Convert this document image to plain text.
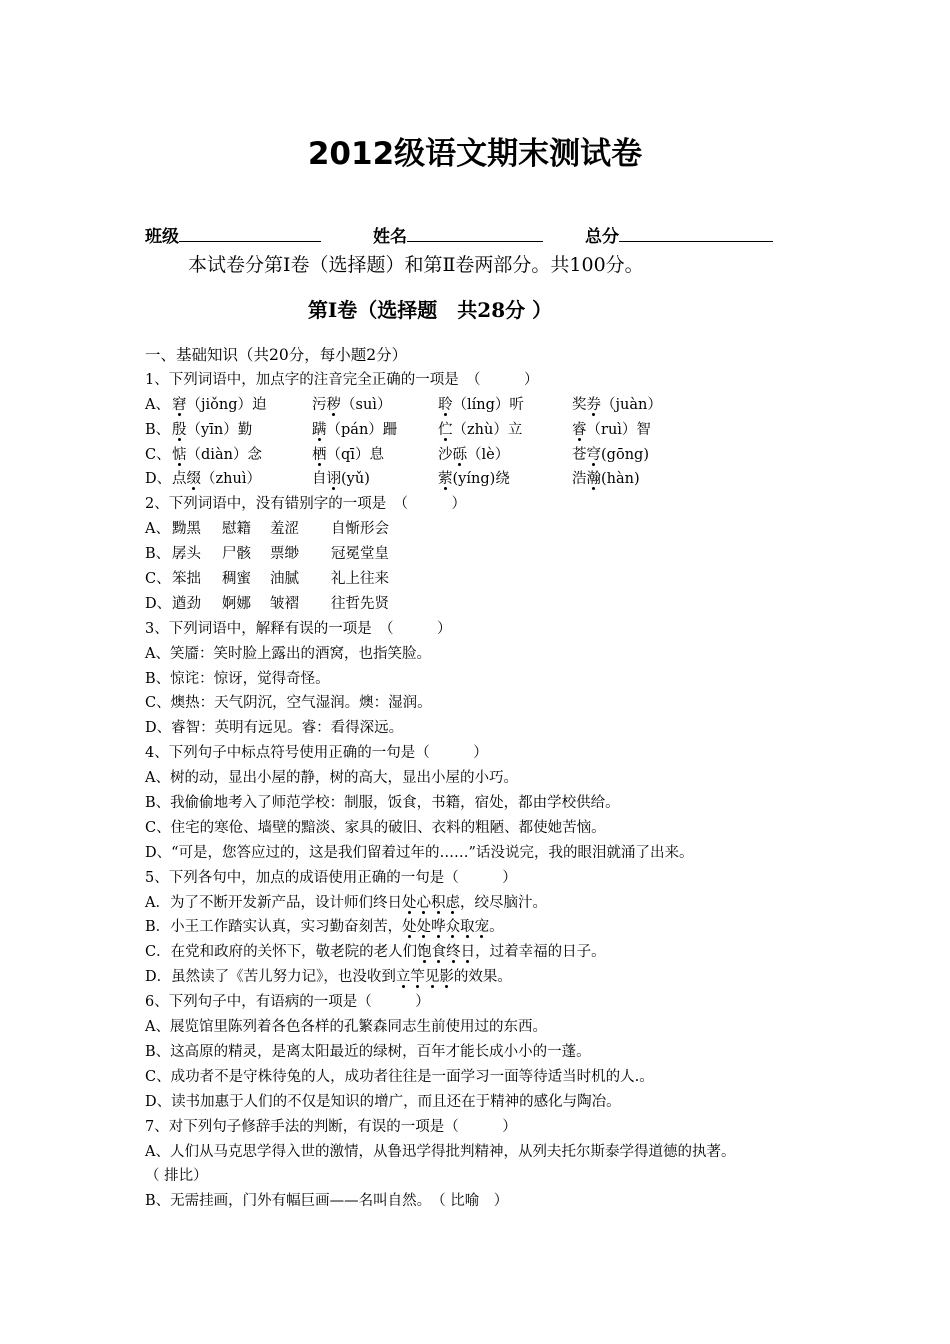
2012级语文期末测试卷
班级	姓名	总分
本试卷分第Ⅰ卷（选择题）和第Ⅱ卷两部分。共100分。
第Ⅰ卷（选择题　共28分 ）
一、基础知识（共20分，每小题2分）
1、下列词语中，加点字的注音完全正确的一项是　（　　　）
A、 窘（jiǒng）迫	污秽（suì）	聆（líng）听	奖券（juàn）
B、 殷（yīn）勤	蹒（pán）跚	伫（zhù）立	睿（ruì）智
C、 惦（diàn）念	栖（qī）息	沙砾（lè）	苍穹(gōng)
D、 点缀（zhuì）	自诩(yǔ)	萦(yíng)绕	浩瀚(hàn)
2、下列词语中，没有错别字的一项是　（　　　）
A、 黝黑 慰籍 羞涩 自惭形会
B、 孱头 尸骸 票缈 冠冕堂皇
C、 笨拙 稠蜜 油腻 礼上往来
D、 遒劲 婀娜 皱褶 往哲先贤
3、下列词语中，解释有误的一项是　（　　　）
A、笑靥：笑时脸上露出的酒窝，也指笑脸。
B、惊诧：惊讶，觉得奇怪。
C、燠热：天气阴沉，空气湿润。燠：湿润。
D、睿智：英明有远见。睿：看得深远。
4、下列句子中标点符号使用正确的一句是（　　　）
A、树的动，显出小屋的静，树的高大，显出小屋的小巧。
B、我偷偷地考入了师范学校：制服，饭食，书籍，宿处，都由学校供给。
C、住宅的寒伧、墙壁的黯淡、家具的破旧、衣料的粗陋、都使她苦恼。
D、“可是，您答应过的，这是我们留着过年的……”话没说完，我的眼泪就涌了出来。
5、下列各句中，加点的成语使用正确的一句是（　　　）
A．为了不断开发新产品，设计师们终日处心积虑，绞尽脑汁。
B．小王工作踏实认真，实习勤奋刻苦，处处哗众取宠。
C．在党和政府的关怀下，敬老院的老人们饱食终日，过着幸福的日子。
D．虽然读了《苦儿努力记》，也没收到立竿见影的效果。
6、下列句子中，有语病的一项是（　　　）
A、展览馆里陈列着各色各样的孔繁森同志生前使用过的东西。
B、这高原的精灵，是离太阳最近的绿树，百年才能长成小小的一蓬。
C、成功者不是守株待兔的人，成功者往往是一面学习一面等待适当时机的人.。
D、读书加惠于人们的不仅是知识的增广，而且还在于精神的感化与陶冶。
7、对下列句子修辞手法的判断，有误的一项是（　　　）
A、人们从马克思学得入世的激情，从鲁迅学得批判精神，从列夫托尔斯泰学得道德的执著。
（ 排比）
B、无需挂画，门外有幅巨画——名叫自然。　（ 比喻　）
